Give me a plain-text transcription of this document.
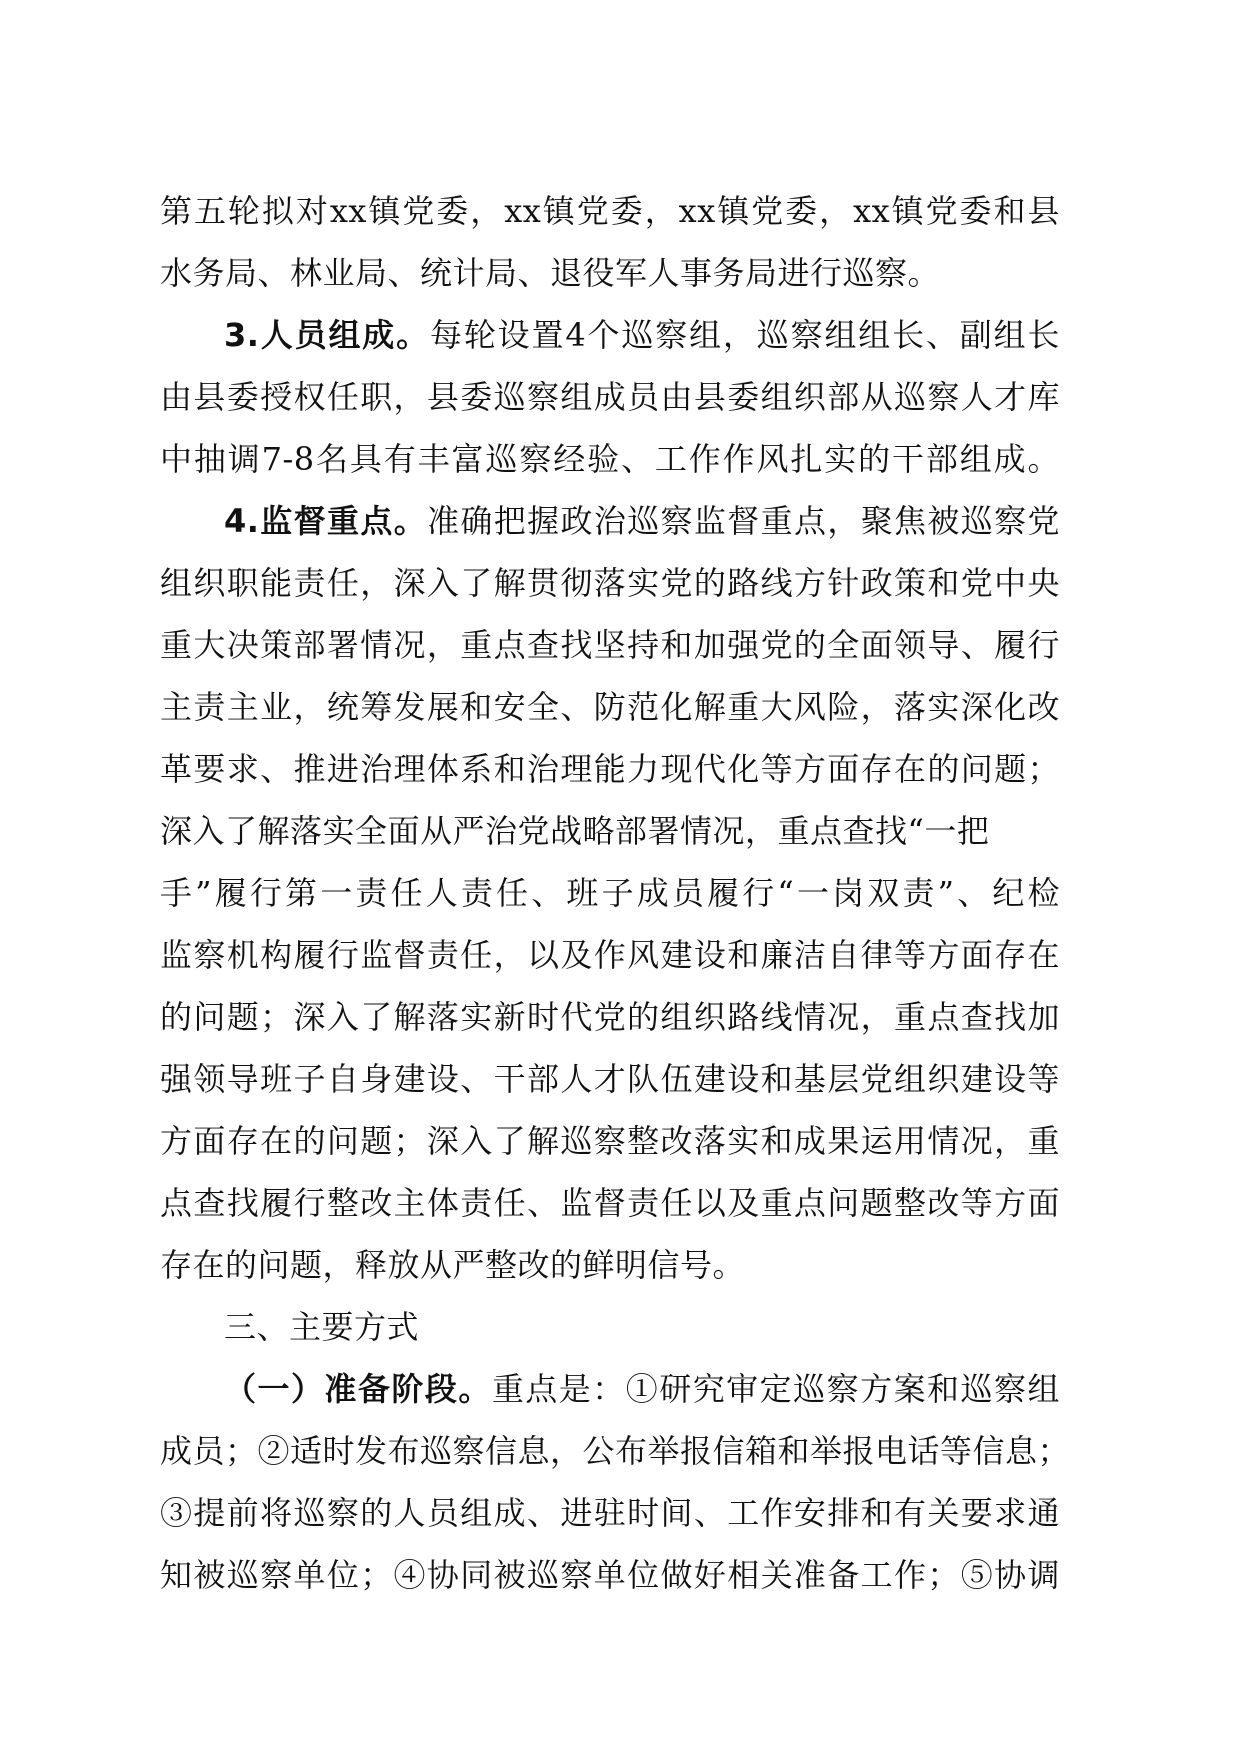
第五轮拟对xx镇党委，xx镇党委，xx镇党委，xx镇党委和县
水务局、林业局、统计局、退役军人事务局进行巡察。
3.人员组成。每轮设置4个巡察组，巡察组组长、副组长
由县委授权任职，县委巡察组成员由县委组织部从巡察人才库
中抽调7-8名具有丰富巡察经验、工作作风扎实的干部组成。
4.监督重点。准确把握政治巡察监督重点，聚焦被巡察党
组织职能责任，深入了解贯彻落实党的路线方针政策和党中央
重大决策部署情况，重点查找坚持和加强党的全面领导、履行
主责主业，统筹发展和安全、防范化解重大风险，落实深化改
革要求、推进治理体系和治理能力现代化等方面存在的问题；
深入了解落实全面从严治党战略部署情况，重点查找“一把
手”履行第一责任人责任、班子成员履行“一岗双责”、纪检
监察机构履行监督责任，以及作风建设和廉洁自律等方面存在
的问题；深入了解落实新时代党的组织路线情况，重点查找加
强领导班子自身建设、干部人才队伍建设和基层党组织建设等
方面存在的问题；深入了解巡察整改落实和成果运用情况，重
点查找履行整改主体责任、监督责任以及重点问题整改等方面
存在的问题，释放从严整改的鲜明信号。
三、主要方式
（一）准备阶段。重点是：①研究审定巡察方案和巡察组
成员；②适时发布巡察信息，公布举报信箱和举报电话等信息；
③提前将巡察的人员组成、进驻时间、工作安排和有关要求通
知被巡察单位；④协同被巡察单位做好相关准备工作；⑤协调
